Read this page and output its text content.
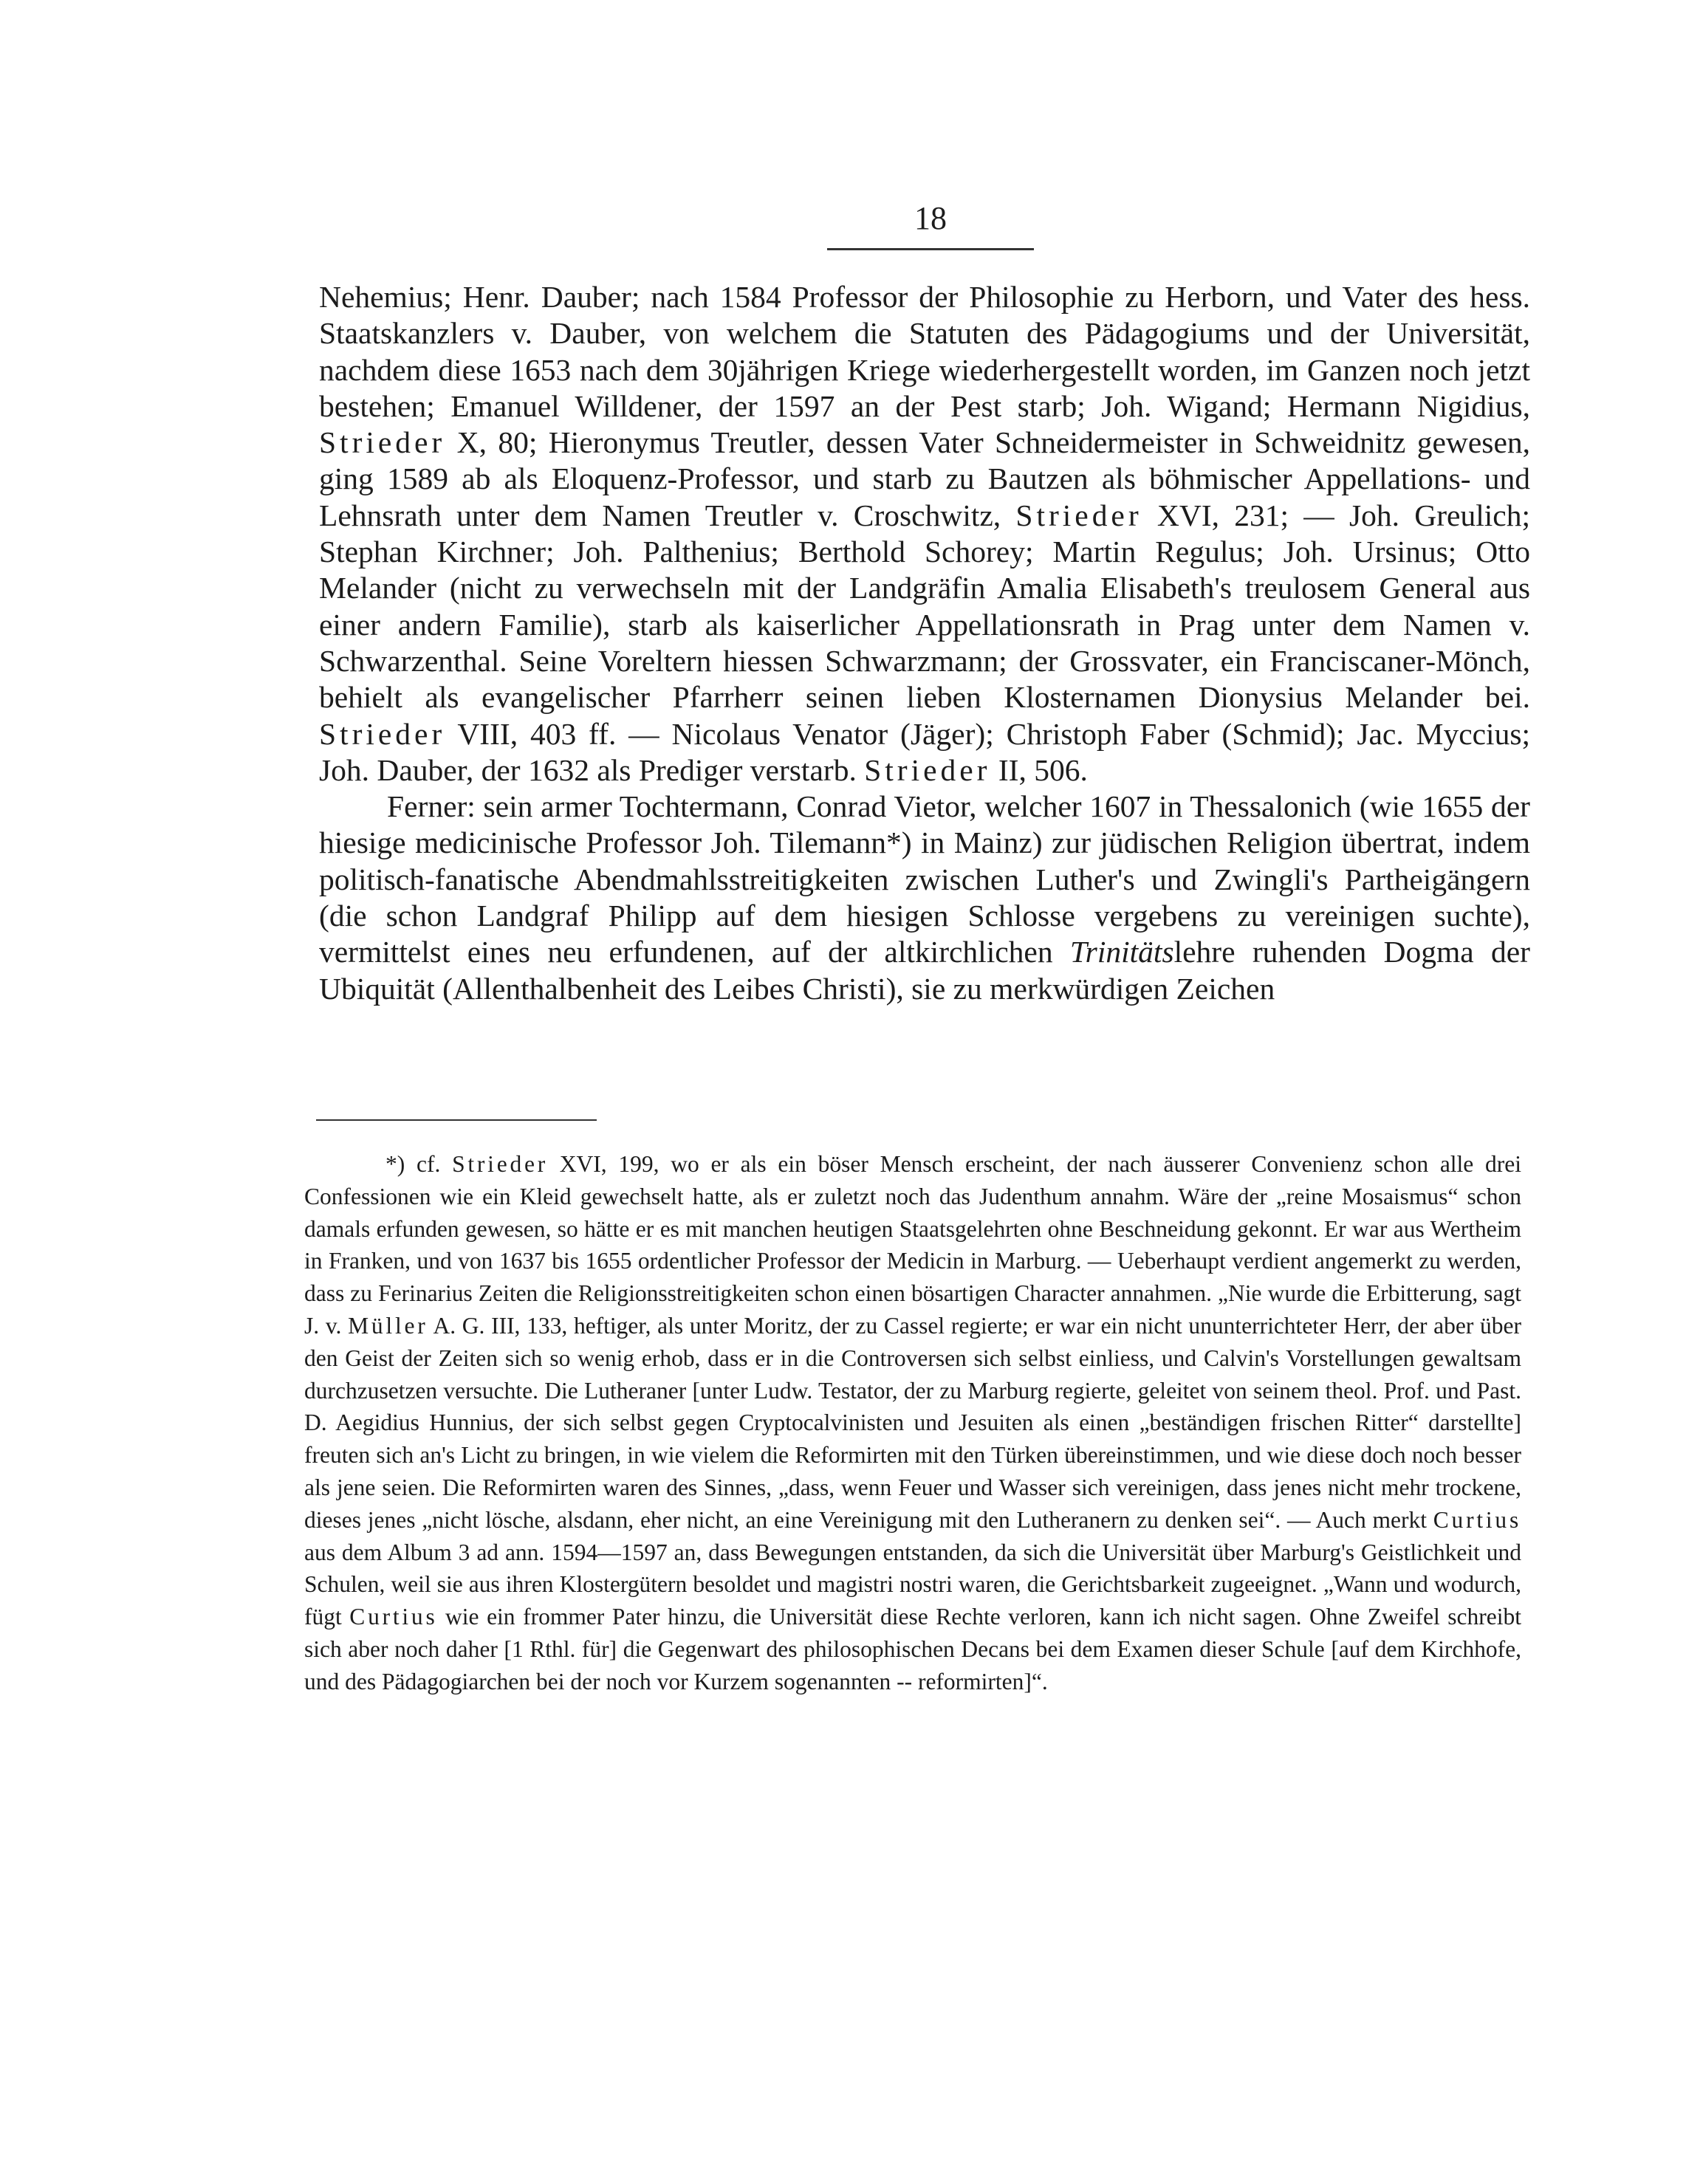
18

Nehemius; Henr. Dauber; nach 1584 Professor der Philosophie zu Herborn, und Vater des hess. Staatskanzlers v. Dauber, von welchem die Statuten des Pädagogiums und der Universität, nachdem diese 1653 nach dem 30jährigen Kriege wiederhergestellt worden, im Ganzen noch jetzt bestehen; Emanuel Willdener, der 1597 an der Pest starb; Joh. Wigand; Hermann Nigidius, Strieder X, 80; Hieronymus Treutler, dessen Vater Schneidermeister in Schweidnitz gewesen, ging 1589 ab als Eloquenz-Professor, und starb zu Bautzen als böhmischer Appellations- und Lehnsrath unter dem Namen Treutler v. Croschwitz, Strieder XVI, 231; — Joh. Greulich; Stephan Kirchner; Joh. Palthenius; Berthold Schorey; Martin Regulus; Joh. Ursinus; Otto Melander (nicht zu verwechseln mit der Landgräfin Amalia Elisabeth's treulosem General aus einer andern Familie), starb als kaiserlicher Appellationsrath in Prag unter dem Namen v. Schwarzenthal. Seine Voreltern hiessen Schwarzmann; der Grossvater, ein Franciscaner-Mönch, behielt als evangelischer Pfarrherr seinen lieben Klosternamen Dionysius Melander bei. Strieder VIII, 403 ff. — Nicolaus Venator (Jäger); Christoph Faber (Schmid); Jac. Myccius; Joh. Dauber, der 1632 als Prediger verstarb. Strieder II, 506.

Ferner: sein armer Tochtermann, Conrad Vietor, welcher 1607 in Thessalonich (wie 1655 der hiesige medicinische Professor Joh. Tilemann*) in Mainz) zur jüdischen Religion übertrat, indem politisch-fanatische Abendmahlsstreitigkeiten zwischen Luther's und Zwingli's Partheigängern (die schon Landgraf Philipp auf dem hiesigen Schlosse vergebens zu vereinigen suchte), vermittelst eines neu erfundenen, auf der altkirchlichen Trinitätslehre ruhenden Dogma der Ubiquität (Allenthalbenheit des Leibes Christi), sie zu merkwürdigen Zeichen

*) cf. Strieder XVI, 199, wo er als ein böser Mensch erscheint, der nach äusserer Convenienz schon alle drei Confessionen wie ein Kleid gewechselt hatte, als er zuletzt noch das Judenthum annahm. Wäre der „reine Mosaismus“ schon damals erfunden gewesen, so hätte er es mit manchen heutigen Staatsgelehrten ohne Beschneidung gekonnt. Er war aus Wertheim in Franken, und von 1637 bis 1655 ordentlicher Professor der Medicin in Marburg. — Ueberhaupt verdient angemerkt zu werden, dass zu Ferinarius Zeiten die Religionsstreitigkeiten schon einen bösartigen Character annahmen. „Nie wurde die Erbitterung, sagt J. v. Müller A. G. III, 133, heftiger, als unter Moritz, der zu Cassel regierte; er war ein nicht ununterrichteter Herr, der aber über den Geist der Zeiten sich so wenig erhob, dass er in die Controversen sich selbst einliess, und Calvin's Vorstellungen gewaltsam durchzusetzen versuchte. Die Lutheraner [unter Ludw. Testator, der zu Marburg regierte, geleitet von seinem theol. Prof. und Past. D. Aegidius Hunnius, der sich selbst gegen Cryptocalvinisten und Jesuiten als einen „beständigen frischen Ritter“ darstellte] freuten sich an's Licht zu bringen, in wie vielem die Reformirten mit den Türken übereinstimmen, und wie diese doch noch besser als jene seien. Die Reformirten waren des Sinnes, „dass, wenn Feuer und Wasser sich vereinigen, dass jenes nicht mehr trockene, dieses jenes „nicht lösche, alsdann, eher nicht, an eine Vereinigung mit den Lutheranern zu denken sei“. — Auch merkt Curtius aus dem Album 3 ad ann. 1594—1597 an, dass Bewegungen entstanden, da sich die Universität über Marburg's Geistlichkeit und Schulen, weil sie aus ihren Klostergütern besoldet und magistri nostri waren, die Gerichtsbarkeit zugeeignet. „Wann und wodurch, fügt Curtius wie ein frommer Pater hinzu, die Universität diese Rechte verloren, kann ich nicht sagen. Ohne Zweifel schreibt sich aber noch daher [1 Rthl. für] die Gegenwart des philosophischen Decans bei dem Examen dieser Schule [auf dem Kirchhofe, und des Pädagogiarchen bei der noch vor Kurzem sogenannten -- reformirten]“.
